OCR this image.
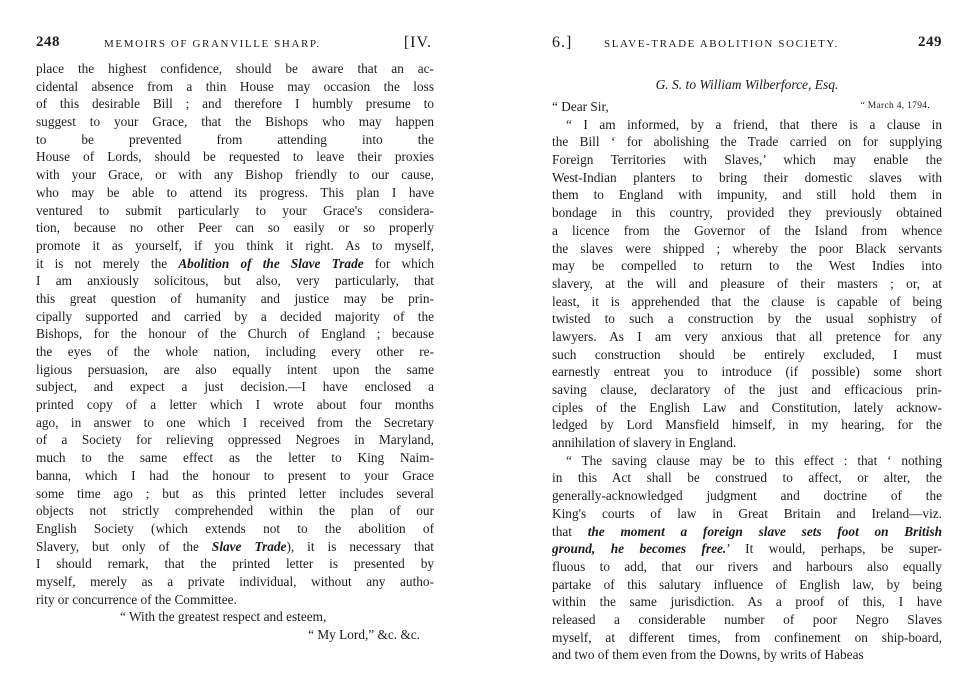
248	MEMOIRS OF GRANVILLE SHARP.	[IV.
place the highest confidence, should be aware that an ac-
cidental absence from a thin House may occasion the loss
of this desirable Bill ; and therefore I humbly presume to
suggest to your Grace, that the Bishops who may happen
to be prevented from attending into the
House of Lords, should be requested to leave their proxies
with your Grace, or with any Bishop friendly to our cause,
who may be able to attend its progress. This plan I have
ventured to submit particularly to your Grace's considera-
tion, because no other Peer can so easily or so properly
promote it as yourself, if you think it right. As to myself,
it is not merely the Abolition of the Slave Trade for which
I am anxiously solicitous, but also, very particularly, that
this great question of humanity and justice may be prin-
cipally supported and carried by a decided majority of the
Bishops, for the honour of the Church of England ; because
the eyes of the whole nation, including every other re-
ligious persuasion, are also equally intent upon the same
subject, and expect a just decision.—I have enclosed a
printed copy of a letter which I wrote about four months
ago, in answer to one which I received from the Secretary
of a Society for relieving oppressed Negroes in Maryland,
much to the same effect as the letter to King Naim-
banna, which I had the honour to present to your Grace
some time ago ; but as this printed letter includes several
objects not strictly comprehended within the plan of our
English Society (which extends not to the abolition of
Slavery, but only of the Slave Trade), it is necessary that
I should remark, that the printed letter is presented by
myself, merely as a private individual, without any autho-
rity or concurrence of the Committee.
“ With the greatest respect and esteem,
“ My Lord,” &c. &c.
6.]	SLAVE-TRADE ABOLITION SOCIETY.	249
G. S. to William Wilberforce, Esq.
“ Dear Sir,	“ March 4, 1794.
“ I am informed, by a friend, that there is a clause in
the Bill ‘ for abolishing the Trade carried on for supplying
Foreign Territories with Slaves,’ which may enable the
West-Indian planters to bring their domestic slaves with
them to England with impunity, and still hold them in
bondage in this country, provided they previously obtained
a licence from the Governor of the Island from whence
the slaves were shipped ; whereby the poor Black servants
may be compelled to return to the West Indies into
slavery, at the will and pleasure of their masters ; or, at
least, it is apprehended that the clause is capable of being
twisted to such a construction by the usual sophistry of
lawyers. As I am very anxious that all pretence for any
such construction should be entirely excluded, I must
earnestly entreat you to introduce (if possible) some short
saving clause, declaratory of the just and efficacious prin-
ciples of the English Law and Constitution, lately acknow-
ledged by Lord Mansfield himself, in my hearing, for the
annihilation of slavery in England.
“ The saving clause may be to this effect : that ‘ nothing
in this Act shall be construed to affect, or alter, the
generally-acknowledged judgment and doctrine of the
King's courts of law in Great Britain and Ireland—viz.
that the moment a foreign slave sets foot on British
ground, he becomes free.’ It would, perhaps, be super-
fluous to add, that our rivers and harbours also equally
partake of this salutary influence of English law, by being
within the same jurisdiction. As a proof of this, I have
released a considerable number of poor Negro Slaves
myself, at different times, from confinement on ship-board,
and two of them even from the Downs, by writs of Habeas
